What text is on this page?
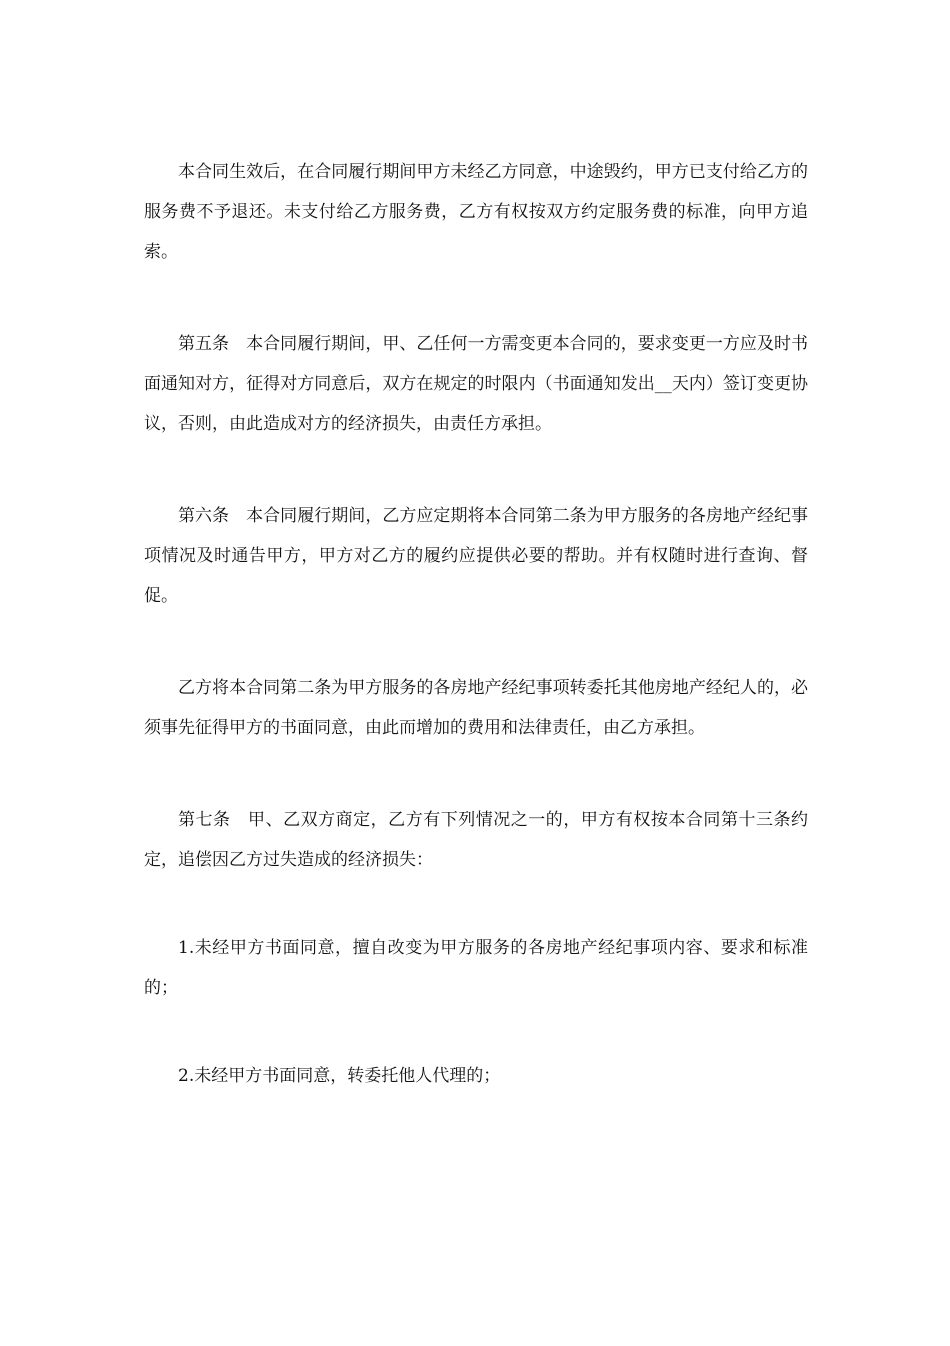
本合同生效后，在合同履行期间甲方未经乙方同意，中途毁约，甲方已支付给乙方的服务费不予退还。未支付给乙方服务费，乙方有权按双方约定服务费的标准，向甲方追索。

第五条 本合同履行期间，甲、乙任何一方需变更本合同的，要求变更一方应及时书面通知对方，征得对方同意后，双方在规定的时限内（书面通知发出__天内）签订变更协议，否则，由此造成对方的经济损失，由责任方承担。

第六条 本合同履行期间，乙方应定期将本合同第二条为甲方服务的各房地产经纪事项情况及时通告甲方，甲方对乙方的履约应提供必要的帮助。并有权随时进行查询、督促。

乙方将本合同第二条为甲方服务的各房地产经纪事项转委托其他房地产经纪人的，必须事先征得甲方的书面同意，由此而增加的费用和法律责任，由乙方承担。

第七条 甲、乙双方商定，乙方有下列情况之一的，甲方有权按本合同第十三条约定，追偿因乙方过失造成的经济损失：

1.未经甲方书面同意，擅自改变为甲方服务的各房地产经纪事项内容、要求和标准的；

2.未经甲方书面同意，转委托他人代理的；
